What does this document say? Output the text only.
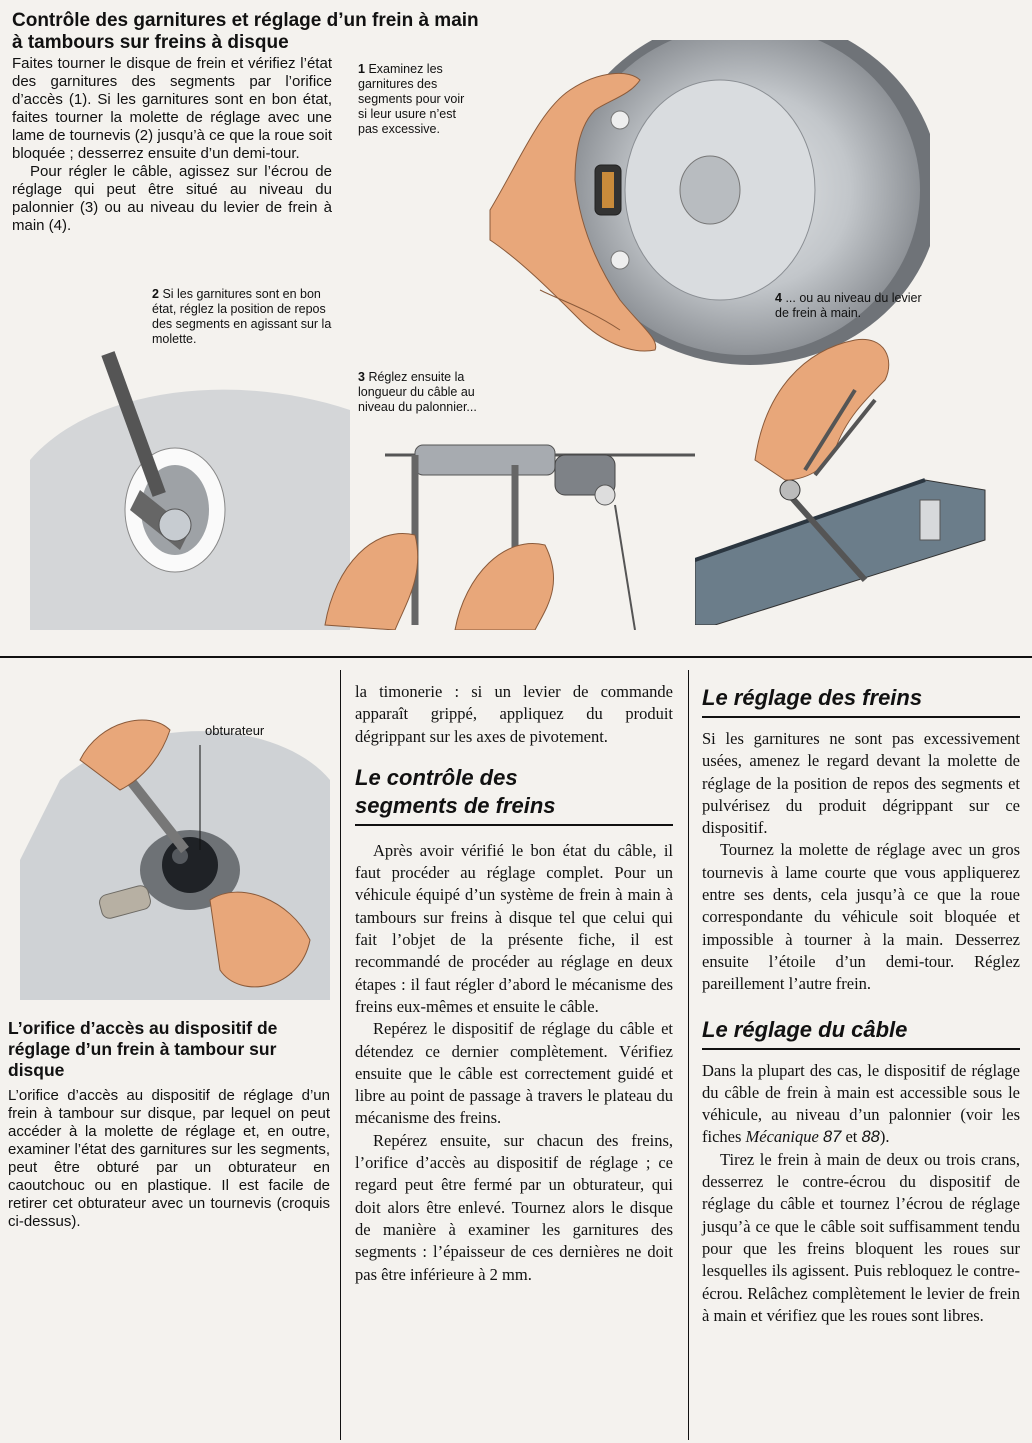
Contrôle des garnitures et réglage d’un frein à main
à tambours sur freins à disque

Faites tourner le disque de frein et vérifiez l’état des garnitures des segments par l’orifice d’accès (1). Si les garnitures sont en bon état, faites tourner la molette de réglage avec une lame de tournevis (2) jusqu’à ce que la roue soit bloquée ; desserrez ensuite d’un demi-tour.

Pour régler le câble, agissez sur l’écrou de réglage qui peut être situé au niveau du palonnier (3) ou au niveau du levier de frein à main (4).

1 Examinez les garnitures des segments pour voir si leur usure n’est pas excessive.
2 Si les garnitures sont en bon état, réglez la position de repos des segments en agissant sur la molette.
3 Réglez ensuite la longueur du câble au niveau du palonnier...
4 ... ou au niveau du levier de frein à main.
obturateur
L’orifice d’accès au dispositif de réglage d’un frein à tambour sur disque
L’orifice d’accès au dispositif de réglage d’un frein à tambour sur disque, par lequel on peut accéder à la molette de réglage et, en outre, examiner l’état des garnitures sur les segments, peut être obturé par un obturateur en caoutchouc ou en plastique. Il est facile de retirer cet obturateur avec un tournevis (croquis ci-dessus).

la timonerie : si un levier de commande apparaît grippé, appliquez du produit dégrippant sur les axes de pivotement.

Le contrôle des
segments de freins

Après avoir vérifié le bon état du câble, il faut procéder au réglage complet. Pour un véhicule équipé d’un système de frein à main à tambours sur freins à disque tel que celui qui fait l’objet de la présente fiche, il est recommandé de procéder au réglage en deux étapes : il faut régler d’abord le mécanisme des freins eux-mêmes et ensuite le câble.

Repérez le dispositif de réglage du câble et détendez ce dernier complètement. Vérifiez ensuite que le câble est correctement guidé et libre au point de passage à travers le plateau du mécanisme des freins.

Repérez ensuite, sur chacun des freins, l’orifice d’accès au dispositif de réglage ; ce regard peut être fermé par un obturateur, qui doit alors être enlevé. Tournez alors le disque de manière à examiner les garnitures des segments : l’épaisseur de ces dernières ne doit pas être inférieure à 2 mm.

Le réglage des freins

Si les garnitures ne sont pas excessivement usées, amenez le regard devant la molette de réglage de la position de repos des segments et pulvérisez du produit dégrippant sur ce dispositif.

Tournez la molette de réglage avec un gros tournevis à lame courte que vous appliquerez entre ses dents, cela jusqu’à ce que la roue correspondante du véhicule soit bloquée et impossible à tourner à la main. Desserrez ensuite l’étoile d’un demi-tour. Réglez pareillement l’autre frein.

Le réglage du câble

Dans la plupart des cas, le dispositif de réglage du câble de frein à main est accessible sous le véhicule, au niveau d’un palonnier (voir les fiches Mécanique 87 et 88).

Tirez le frein à main de deux ou trois crans, desserrez le contre-écrou du dispositif de réglage du câble et tournez l’écrou de réglage jusqu’à ce que le câble soit suffisamment tendu pour que les freins bloquent les roues sur lesquelles ils agissent. Puis rebloquez le contre-écrou. Relâchez complètement le levier de frein à main et vérifiez que les roues sont libres.
